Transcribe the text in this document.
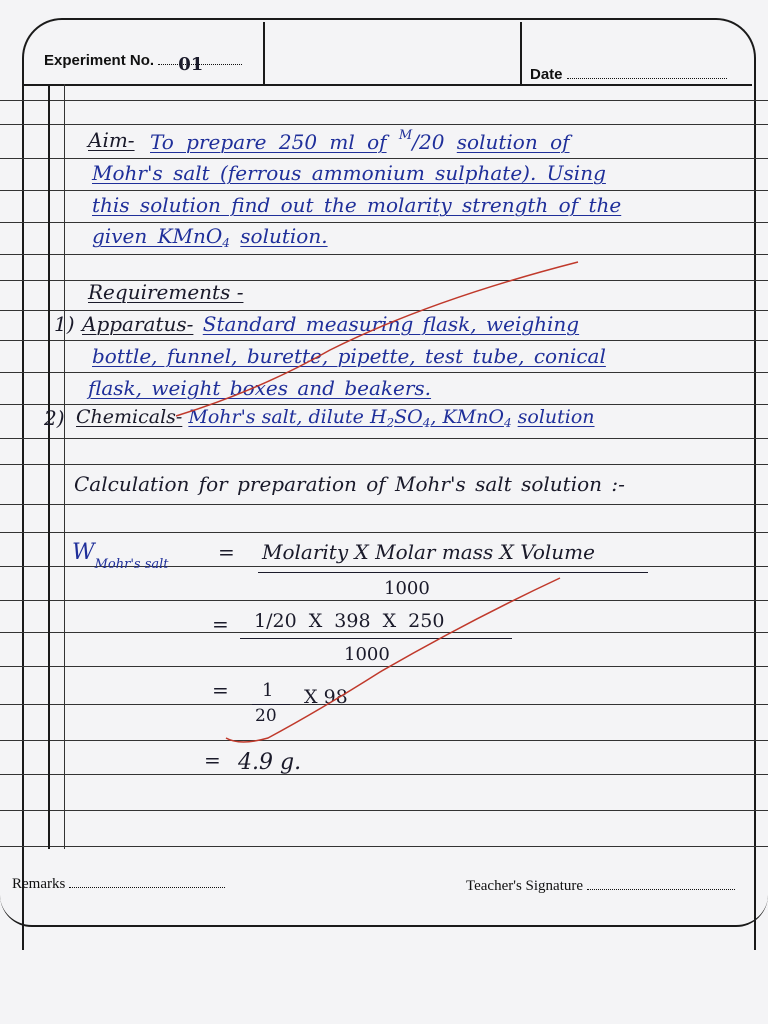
Experiment No. 01	Date
Aim- To prepare 250 ml of $^M$/20 solution of
Mohr's salt (ferrous ammonium sulphate). Using
this solution find out the molarity strength of the
given KMnO$_4$ solution.
Requirements -
1) Apparatus- Standard measuring flask, weighing
bottle, funnel, burette, pipette, test tube, conical
flask, weight boxes and beakers.
2) Chemicals- Mohr's salt, dilute $H_2SO_4$, KMnO$_4$ solution
Calculation for preparation of Mohr's salt solution :-
$W_{Mohr's salt}$
= Molarity X Molar mass X Volume
1000
= 1/20 X 398 X 250
1000
= 1
20
X 98
= 4.9 g.
Remarks	Teacher's Signature
